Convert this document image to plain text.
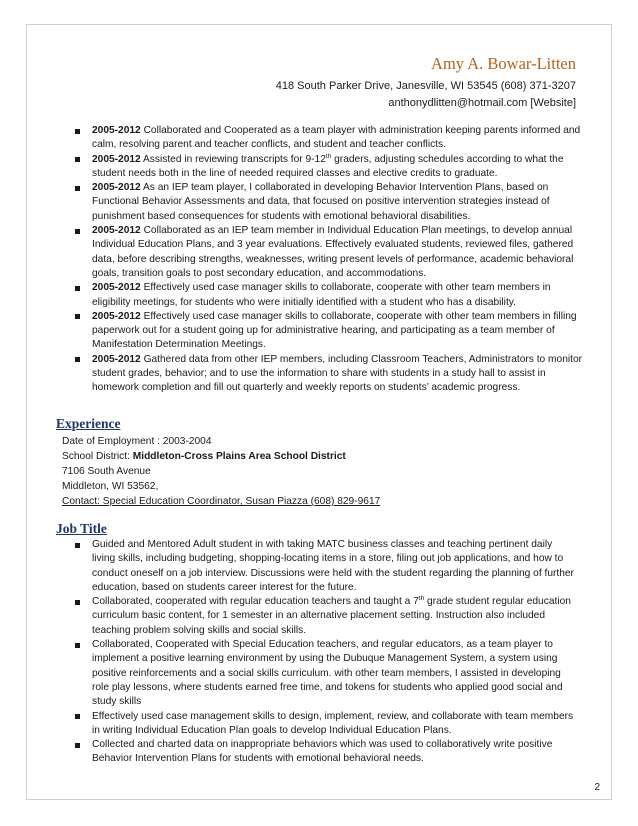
Amy A. Bowar-Litten
418 South Parker Drive, Janesville, WI 53545 (608) 371-3207
anthonydlitten@hotmail.com [Website]
2005-2012 Collaborated and Cooperated as a team player with administration keeping parents informed and calm, resolving parent and teacher conflicts, and student and teacher conflicts.
2005-2012 Assisted in reviewing transcripts for 9-12th graders, adjusting schedules according to what the student needs both in the line of needed required classes and elective credits to graduate.
2005-2012 As an IEP team player, I collaborated in developing Behavior Intervention Plans, based on Functional Behavior Assessments and data, that focused on positive intervention strategies instead of punishment based consequences for students with emotional behavioral disabilities.
2005-2012 Collaborated as an IEP team member in Individual Education Plan meetings, to develop annual Individual Education Plans, and 3 year evaluations. Effectively evaluated students, reviewed files, gathered data, before describing strengths, weaknesses, writing present levels of performance, academic behavioral goals, transition goals to post secondary education, and accommodations.
2005-2012 Effectively used case manager skills to collaborate, cooperate with other team members in eligibility meetings, for students who were initially identified with a student who has a disability.
2005-2012 Effectively used case manager skills to collaborate, cooperate with other team members in filling paperwork out for a student going up for administrative hearing, and participating as a team member of Manifestation Determination Meetings.
2005-2012 Gathered data from other IEP members, including Classroom Teachers, Administrators to monitor student grades, behavior; and to use the information to share with students in a study hall to assist in homework completion and fill out quarterly and weekly reports on students’ academic progress.
Experience
Date of Employment : 2003-2004
School District: Middleton-Cross Plains Area School District
7106 South Avenue
Middleton, WI 53562,
Contact: Special Education Coordinator, Susan Piazza (608) 829-9617
Job Title
Guided and Mentored Adult student in with taking MATC business classes and teaching pertinent daily living skills, including budgeting, shopping-locating items in a store, filing out job applications, and how to conduct oneself on a job interview. Discussions were held with the student regarding the planning of further education, based on students career interest for the future.
Collaborated, cooperated with regular education teachers and taught a 7th grade student regular education curriculum basic content, for 1 semester in an alternative placement setting. Instruction also included teaching problem solving skills and social skills.
Collaborated, Cooperated with Special Education teachers, and regular educators, as a team player to implement a positive learning environment by using the Dubuque Management System, a system using positive reinforcements and a social skills curriculum. with other team members, I assisted in developing role play lessons, where students earned free time, and tokens for students who applied good social and study skills
Effectively used case management skills to design, implement, review, and collaborate with team members in writing Individual Education Plan goals to develop Individual Education Plans.
Collected and charted data on inappropriate behaviors which was used to collaboratively write positive Behavior Intervention Plans for students with emotional behavioral needs.
2
